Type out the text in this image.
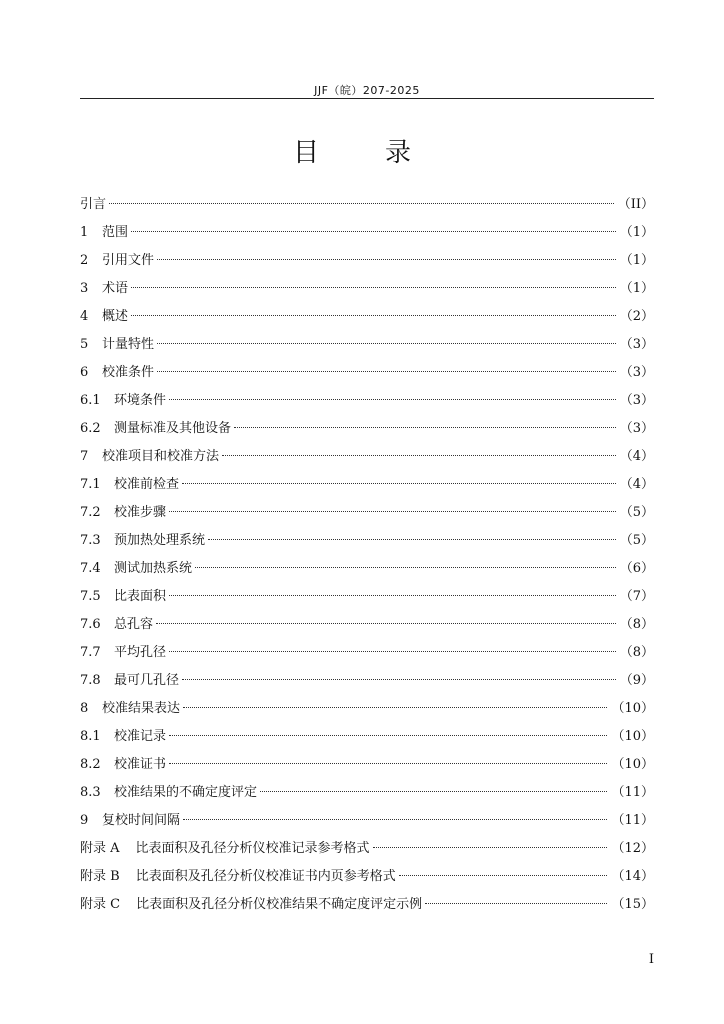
JJF（皖）207-2025
目　录
引言	（II）
1	范围	（1）
2	引用文件	（1）
3	术语	（1）
4	概述	（2）
5	计量特性	（3）
6	校准条件	（3）
6.1	环境条件	（3）
6.2	测量标准及其他设备	（3）
7	校准项目和校准方法	（4）
7.1	校准前检查	（4）
7.2	校准步骤	（5）
7.3	预加热处理系统	（5）
7.4	测试加热系统	（6）
7.5	比表面积	（7）
7.6	总孔容	（8）
7.7	平均孔径	（8）
7.8	最可几孔径	（9）
8	校准结果表达	（10）
8.1	校准记录	（10）
8.2	校准证书	（10）
8.3	校准结果的不确定度评定	（11）
9	复校时间间隔	（11）
附录 A 比表面积及孔径分析仪校准记录参考格式	（12）
附录 B 比表面积及孔径分析仪校准证书内页参考格式	（14）
附录 C 比表面积及孔径分析仪校准结果不确定度评定示例	（15）
I
